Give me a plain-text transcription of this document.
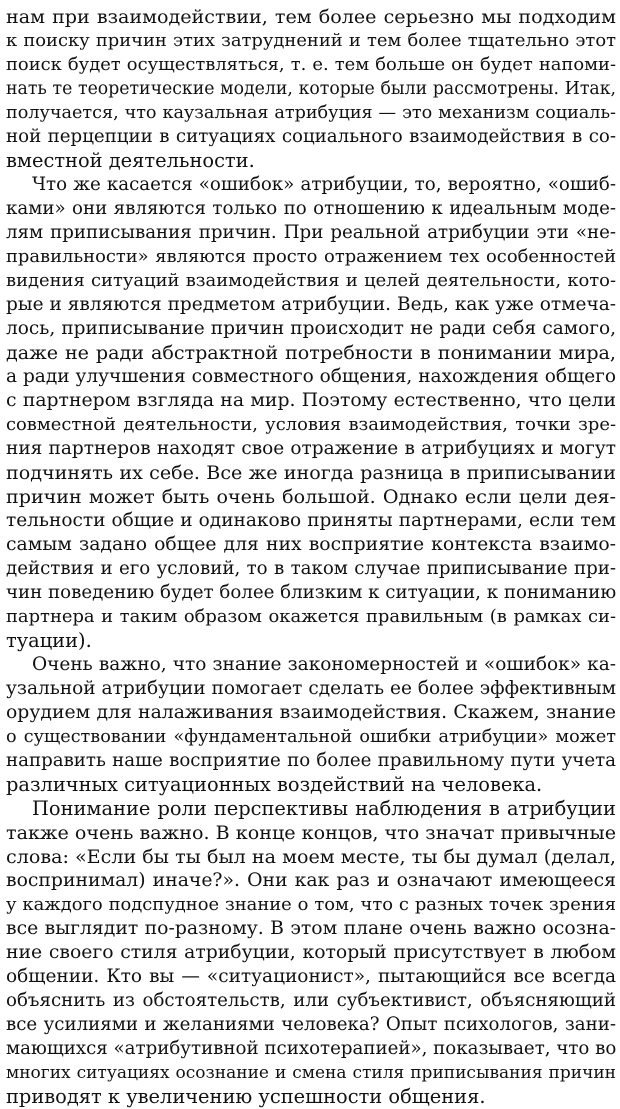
нам при взаимодействии, тем более серьезно мы подходим
к поиску причин этих затруднений и тем более тщательно этот
поиск будет осуществляться, т. е. тем больше он будет напоми-
нать те теоретические модели, которые были рассмотрены. Итак,
получается, что каузальная атрибуция — это механизм социаль-
ной перцепции в ситуациях социального взаимодействия в со-
вместной деятельности.
Что же касается «ошибок» атрибуции, то, вероятно, «ошиб-
ками» они являются только по отношению к идеальным моде-
лям приписывания причин. При реальной атрибуции эти «не-
правильности» являются просто отражением тех особенностей
видения ситуаций взаимодействия и целей деятельности, кото-
рые и являются предметом атрибуции. Ведь, как уже отмеча-
лось, приписывание причин происходит не ради себя самого,
даже не ради абстрактной потребности в понимании мира,
а ради улучшения совместного общения, нахождения общего
с партнером взгляда на мир. Поэтому естественно, что цели
совместной деятельности, условия взаимодействия, точки зре-
ния партнеров находят свое отражение в атрибуциях и могут
подчинять их себе. Все же иногда разница в приписывании
причин может быть очень большой. Однако если цели дея-
тельности общие и одинаково приняты партнерами, если тем
самым задано общее для них восприятие контекста взаимо-
действия и его условий, то в таком случае приписывание при-
чин поведению будет более близким к ситуации, к пониманию
партнера и таким образом окажется правильным (в рамках си-
туации).
Очень важно, что знание закономерностей и «ошибок» ка-
узальной атрибуции помогает сделать ее более эффективным
орудием для налаживания взаимодействия. Скажем, знание
о существовании «фундаментальной ошибки атрибуции» может
направить наше восприятие по более правильному пути учета
различных ситуационных воздействий на человека.
Понимание роли перспективы наблюдения в атрибуции
также очень важно. В конце концов, что значат привычные
слова: «Если бы ты был на моем месте, ты бы думал (делал,
воспринимал) иначе?». Они как раз и означают имеющееся
у каждого подспудное знание о том, что с разных точек зрения
все выглядит по-разному. В этом плане очень важно осозна-
ние своего стиля атрибуции, который присутствует в любом
общении. Кто вы — «ситуационист», пытающийся все всегда
объяснить из обстоятельств, или субъективист, объясняющий
все усилиями и желаниями человека? Опыт психологов, зани-
мающихся «атрибутивной психотерапией», показывает, что во
многих ситуациях осознание и смена стиля приписывания причин
приводят к увеличению успешности общения.
